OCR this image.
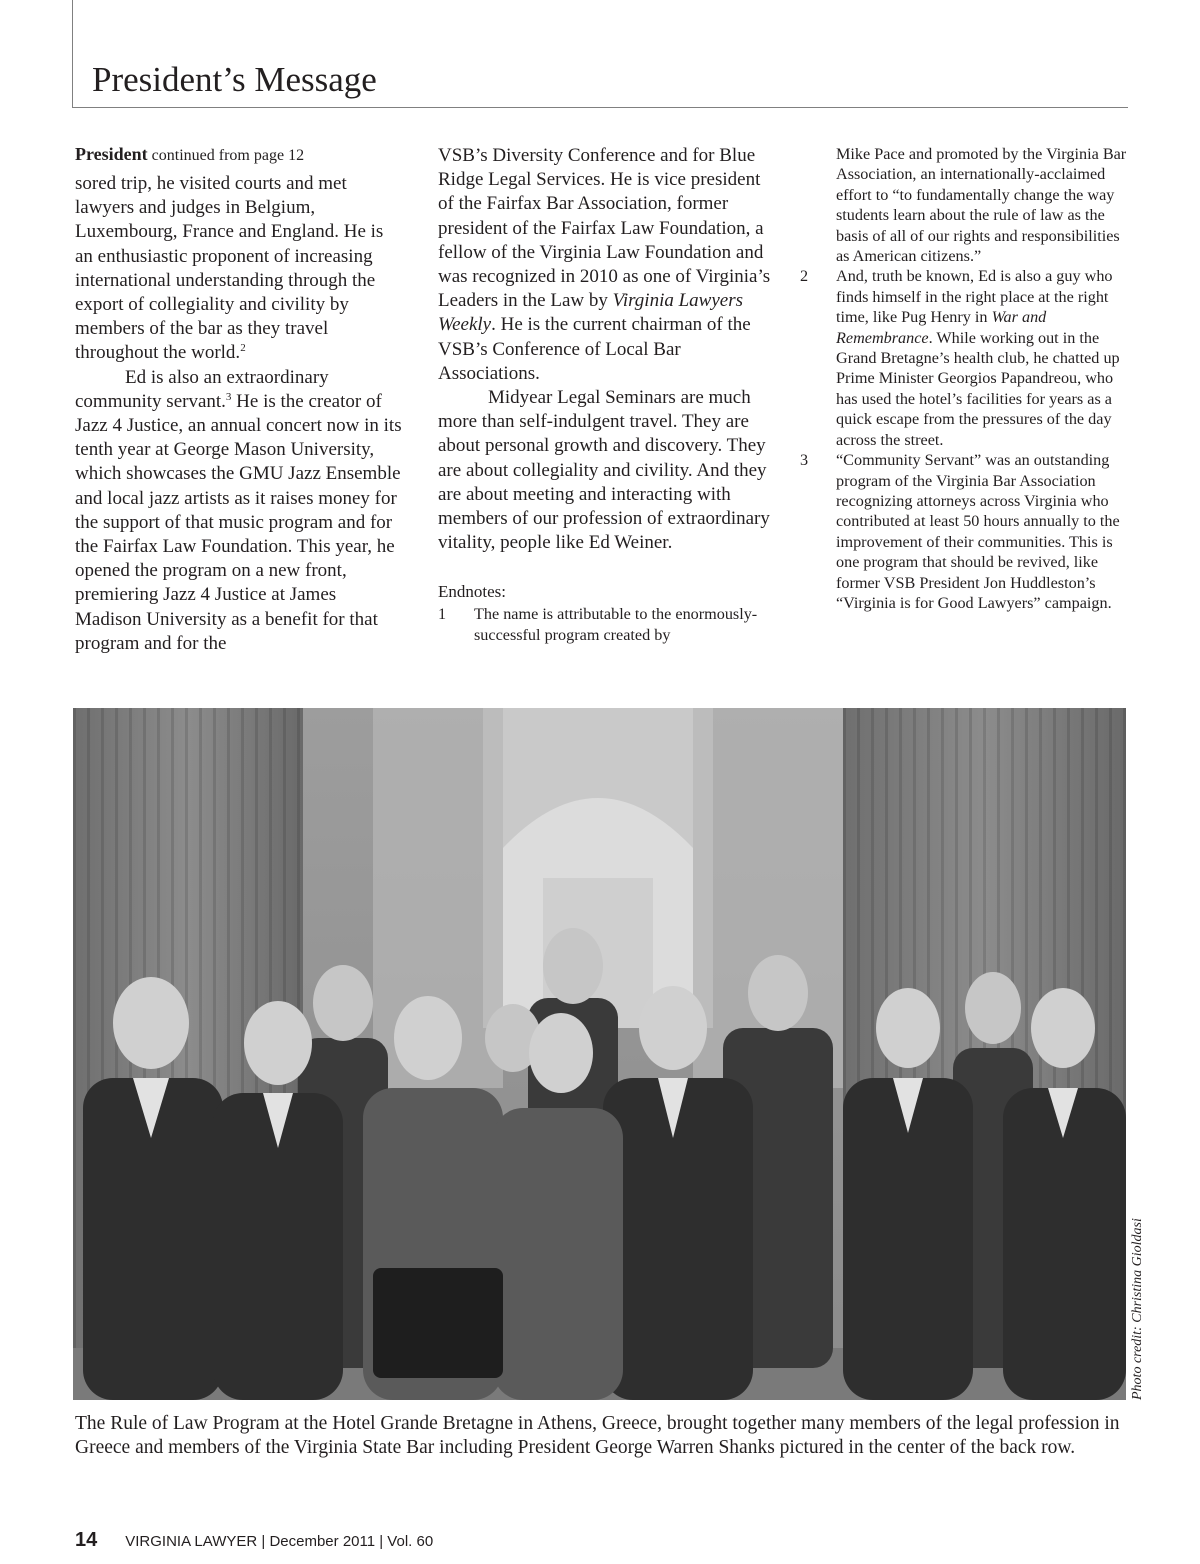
President’s Message

President continued from page 12

sored trip, he visited courts and met lawyers and judges in Belgium, Luxembourg, France and England. He is an enthusiastic proponent of increasing international understanding through the export of collegiality and civility by members of the bar as they travel throughout the world.$^2$

Ed is also an extraordinary community servant.$^3$ He is the creator of Jazz 4 Justice, an annual concert now in its tenth year at George Mason University, which showcases the GMU Jazz Ensemble and local jazz artists as it raises money for the support of that music program and for the Fairfax Law Foundation. This year, he opened the program on a new front, premiering Jazz 4 Justice at James Madison University as a benefit for that program and for the

VSB’s Diversity Conference and for Blue Ridge Legal Services. He is vice president of the Fairfax Bar Association, former president of the Fairfax Law Foundation, a fellow of the Virginia Law Foundation and was recognized in 2010 as one of Virginia’s Leaders in the Law by Virginia Lawyers Weekly. He is the current chairman of the VSB’s Conference of Local Bar Associations.

Midyear Legal Seminars are much more than self-indulgent travel. They are about personal growth and discovery. They are about collegiality and civility. And they are about meeting and interacting with members of our profession of extraordinary vitality, people like Ed Weiner.

Endnotes:
1	The name is attributable to the enormously-successful program created by
Mike Pace and promoted by the Virginia Bar Association, an internationally-acclaimed effort to “to fundamentally change the way students learn about the rule of law as the basis of all of our rights and responsibilities as American citizens.”
2	And, truth be known, Ed is also a guy who finds himself in the right place at the right time, like Pug Henry in War and Remembrance. While working out in the Grand Bretagne’s health club, he chatted up Prime Minister Georgios Papandreou, who has used the hotel’s facilities for years as a quick escape from the pressures of the day across the street.
3	“Community Servant” was an outstanding program of the Virginia Bar Association recognizing attorneys across Virginia who contributed at least 50 hours annually to the improvement of their communities. This is one program that should be revived, like former VSB President Jon Huddleston’s “Virginia is for Good Lawyers” campaign.
Photo credit: Christina Gioldasi
The Rule of Law Program at the Hotel Grande Bretagne in Athens, Greece, brought together many members of the legal profession in Greece and members of the Virginia State Bar including President George Warren Shanks pictured in the center of the back row.
14 VIRGINIA LAWYER | December 2011 | Vol. 60
